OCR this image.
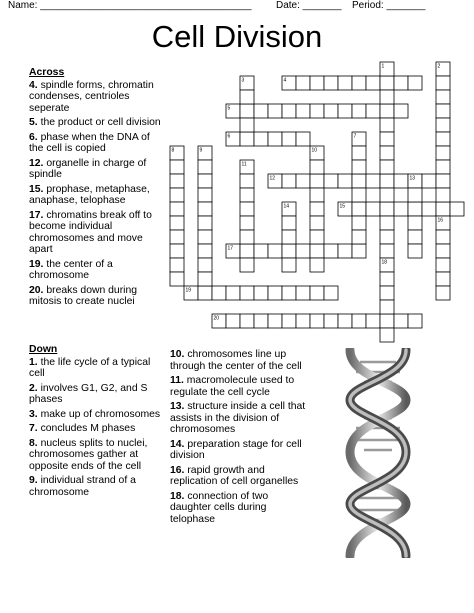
Name: ______________________________________ Date: _______ Period: _______
Cell Division
Across
4. spindle forms, chromatin condenses, centrioles seperate
5. the product or cell division
6. phase when the DNA of the cell is copied
12. organelle in charge of spindle
15. prophase, metaphase, anaphase, telophase
17. chromatins break off to become individual chromosomes and move apart
19. the center of a chromosome
20. breaks down during mitosis to create nuclei
Down
1. the life cycle of a typical cell
2. involves G1, G2, and S phases
3. make up of chromosomes
7. concludes M phases
8. nucleus splits to nuclei, chromosomes gather at opposite ends of the cell
9. individual strand of a chromosome
10. chromosomes line up through the center of the cell
11. macromolecule used to regulate the cell cycle
13. structure inside a cell that assists in the division of chromosomes
14. preparation stage for cell division
16. rapid growth and replication of cell organelles
18. connection of two daughter cells during telophase
4
5
6
12
15
17
19
20
1	2
3
7
8	9	10
11
13
14
16
18
